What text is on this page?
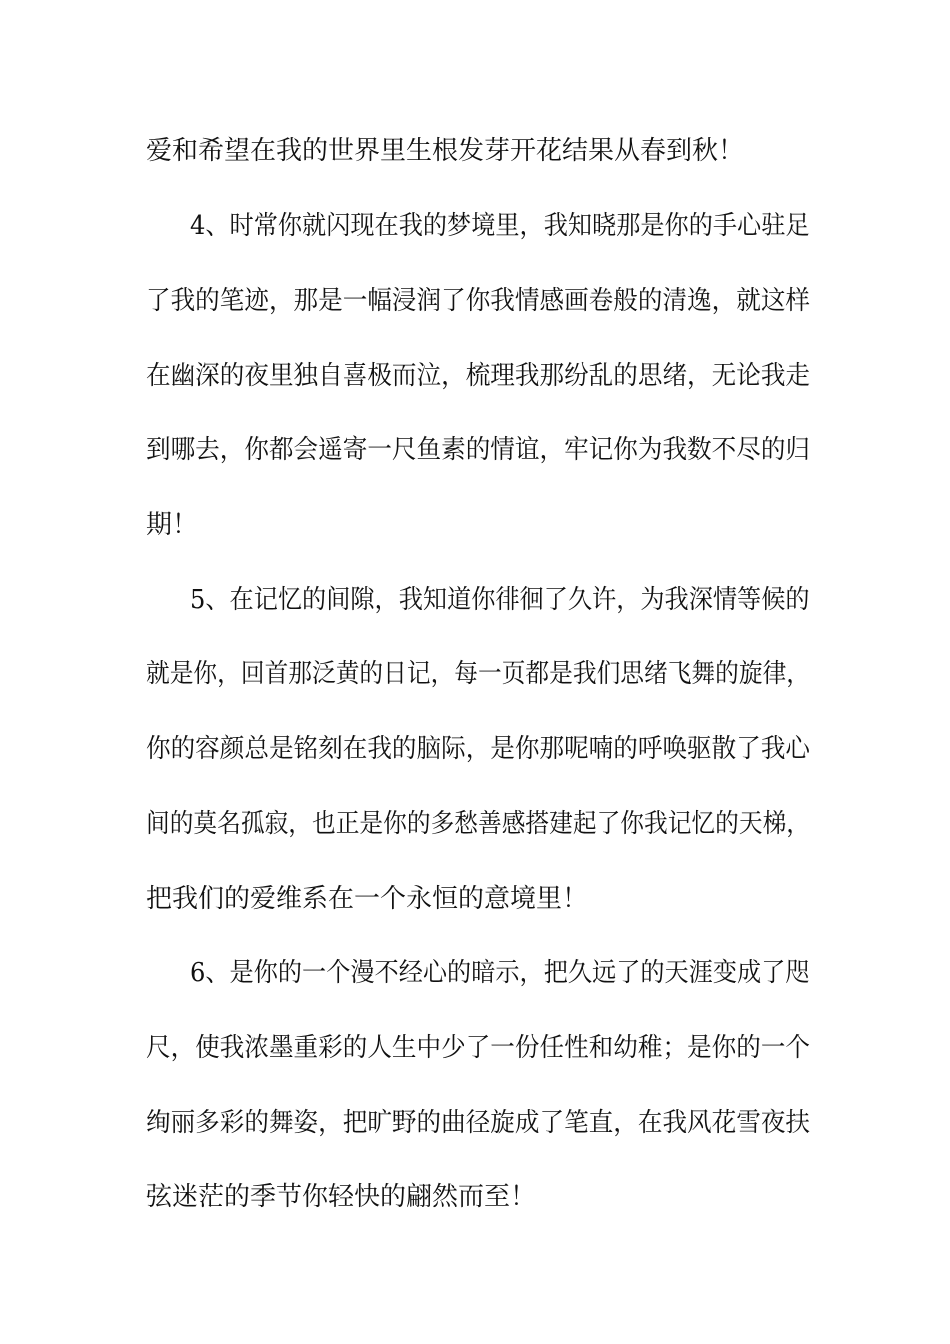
爱和希望在我的世界里生根发芽开花结果从春到秋！
4、时常你就闪现在我的梦境里，我知晓那是你的手心驻足
了我的笔迹，那是一幅浸润了你我情感画卷般的清逸，就这样
在幽深的夜里独自喜极而泣，梳理我那纷乱的思绪，无论我走
到哪去，你都会遥寄一尺鱼素的情谊，牢记你为我数不尽的归
期！
5、在记忆的间隙，我知道你徘徊了久许，为我深情等候的
就是你，回首那泛黄的日记，每一页都是我们思绪飞舞的旋律，
你的容颜总是铭刻在我的脑际，是你那呢喃的呼唤驱散了我心
间的莫名孤寂，也正是你的多愁善感搭建起了你我记忆的天梯，
把我们的爱维系在一个永恒的意境里！
6、是你的一个漫不经心的暗示，把久远了的天涯变成了咫
尺，使我浓墨重彩的人生中少了一份任性和幼稚；是你的一个
绚丽多彩的舞姿，把旷野的曲径旋成了笔直，在我风花雪夜扶
弦迷茫的季节你轻快的翩然而至！
